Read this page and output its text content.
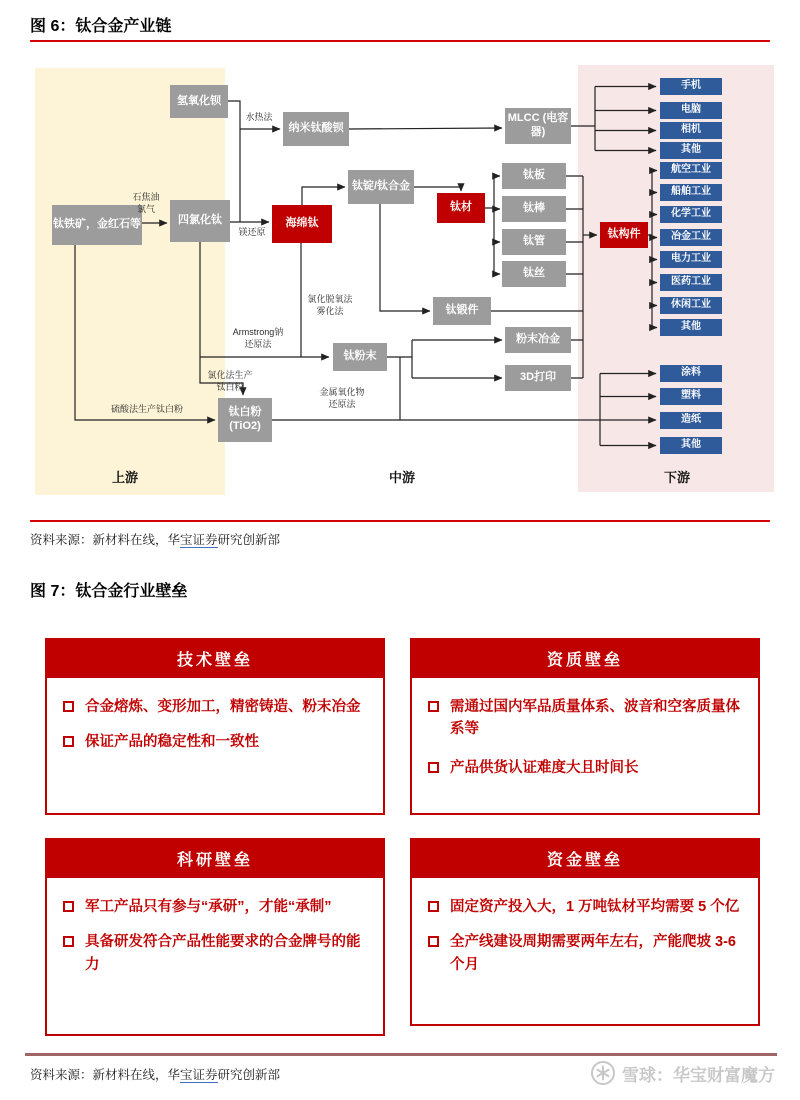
图 6：钛合金产业链
氢氧化钡
纳米钛酸钡
MLCC (电容器)
钛铁矿，金红石等	四氯化钛	海绵钛
钛锭/钛合金
钛材
钛板
钛棒
钛管
钛丝
钛锻件
钛粉末
粉末冶金
3D打印
钛白粉 (TiO2)
钛构件
手机
电脑
相机
其他
航空工业
船舶工业
化学工业
冶金工业
电力工业
医药工业
休闲工业
其他
涂料
塑料
造纸
其他
水热法
石焦油
氯气
镁还原
氯化脱氧法
雾化法
Armstrong钠
还原法
氯化法生产
钛白粉	金属氧化物
还原法
硫酸法生产钛白粉
上游	中游	下游
资料来源：新材料在线，华宝证券研究创新部
图 7：钛合金行业壁垒
技术壁垒
合金熔炼、变形加工，精密铸造、粉末冶金
保证产品的稳定性和一致性
资质壁垒
需通过国内军品质量体系、波音和空客质量体系等
产品供货认证难度大且时间长
科研壁垒
军工产品只有参与“承研”，才能“承制”
具备研发符合产品性能要求的合金牌号的能力
资金壁垒
固定资产投入大，1 万吨钛材平均需要 5 个亿
全产线建设周期需要两年左右，产能爬坡 3-6 个月
资料来源：新材料在线，华宝证券研究创新部	雪球：华宝财富魔方
